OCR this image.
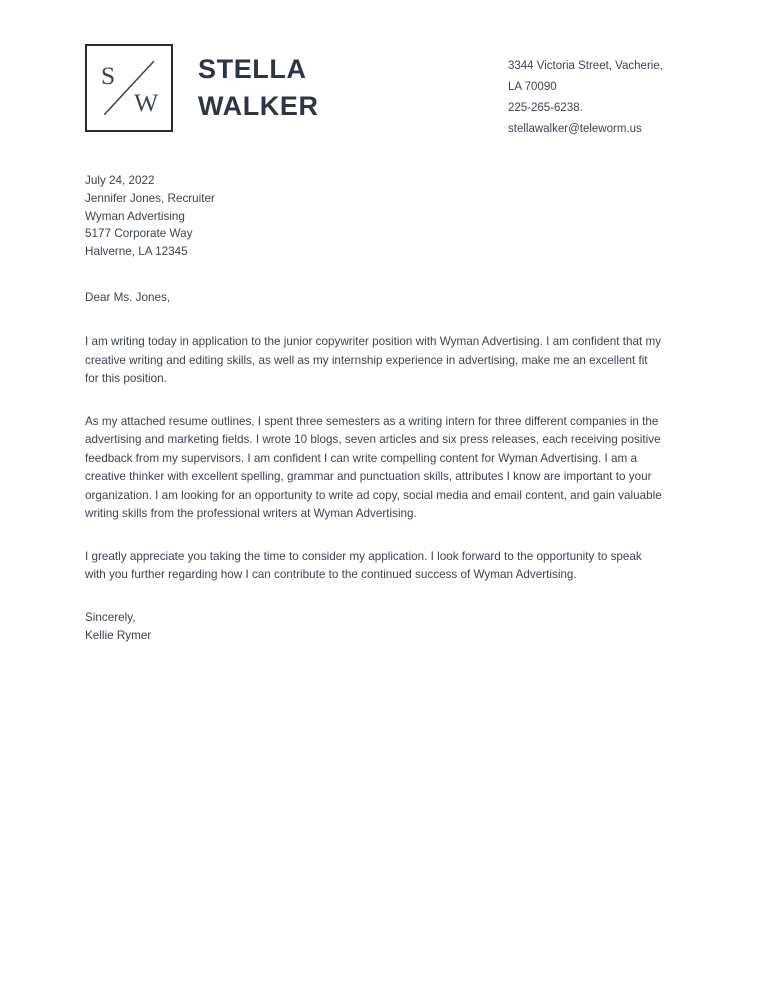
S
W
STELLA
WALKER
3344 Victoria Street, Vacherie,
LA 70090
225-265-6238.
stellawalker@teleworm.us
July 24, 2022
Jennifer Jones, Recruiter
Wyman Advertising
5177 Corporate Way
Halverne, LA 12345

Dear Ms. Jones,

I am writing today in application to the junior copywriter position with Wyman Advertising. I am confident that my creative writing and editing skills, as well as my internship experience in advertising, make me an excellent fit for this position.

As my attached resume outlines, I spent three semesters as a writing intern for three different companies in the advertising and marketing fields. I wrote 10 blogs, seven articles and six press releases, each receiving positive feedback from my supervisors. I am confident I can write compelling content for Wyman Advertising. I am a creative thinker with excellent spelling, grammar and punctuation skills, attributes I know are important to your organization. I am looking for an opportunity to write ad copy, social media and email content, and gain valuable writing skills from the professional writers at Wyman Advertising.

I greatly appreciate you taking the time to consider my application. I look forward to the opportunity to speak with you further regarding how I can contribute to the continued success of Wyman Advertising.

Sincerely,
Kellie Rymer
